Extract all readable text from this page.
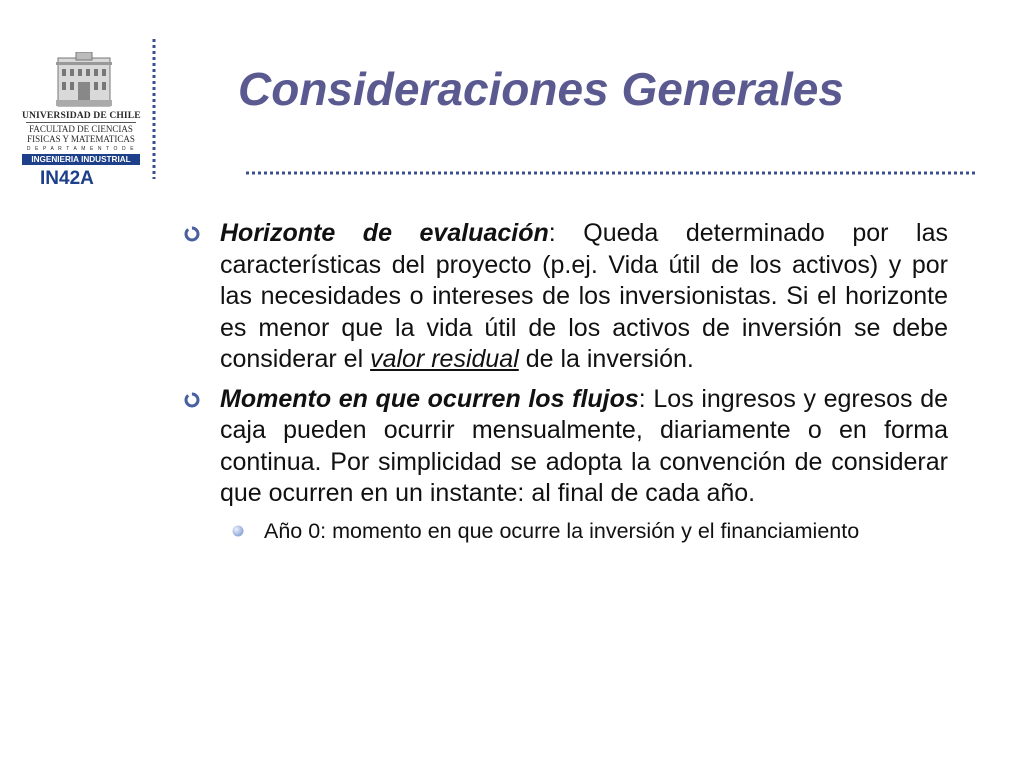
UNIVERSIDAD DE CHILE
FACULTAD DE CIENCIAS
FISICAS Y MATEMATICAS
D E P A R T A M E N T O D E
INGENIERIA INDUSTRIAL
IN42A
Consideraciones Generales
Horizonte de evaluación: Queda determinado por las características del proyecto (p.ej. Vida útil de los activos) y por las necesidades o intereses de los inversionistas. Si el horizonte es menor que la vida útil de los activos de inversión se debe considerar el valor residual de la inversión.
Momento en que ocurren los flujos: Los ingresos y egresos de caja pueden ocurrir mensualmente, diariamente o en forma continua. Por simplicidad se adopta la convención de considerar que ocurren en un instante: al final de cada año.
Año 0: momento en que ocurre la inversión y el financiamiento
